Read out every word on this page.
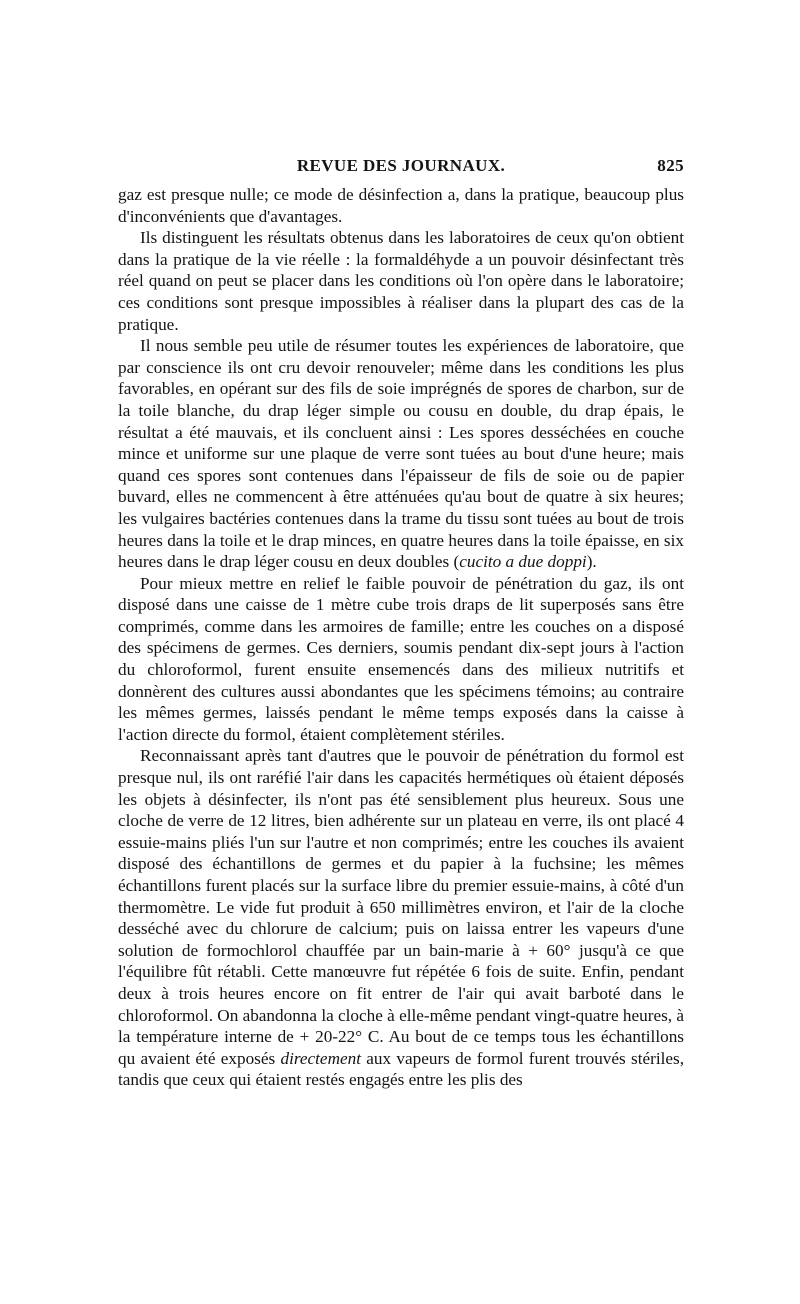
REVUE DES JOURNAUX.	825

gaz est presque nulle; ce mode de désinfection a, dans la pratique, beaucoup plus d'inconvénients que d'avantages.

Ils distinguent les résultats obtenus dans les laboratoires de ceux qu'on obtient dans la pratique de la vie réelle : la formaldéhyde a un pouvoir désinfectant très réel quand on peut se placer dans les conditions où l'on opère dans le laboratoire; ces conditions sont presque impossibles à réaliser dans la plupart des cas de la pratique.

Il nous semble peu utile de résumer toutes les expériences de laboratoire, que par conscience ils ont cru devoir renouveler; même dans les conditions les plus favorables, en opérant sur des fils de soie imprégnés de spores de charbon, sur de la toile blanche, du drap léger simple ou cousu en double, du drap épais, le résultat a été mauvais, et ils concluent ainsi : Les spores desséchées en couche mince et uniforme sur une plaque de verre sont tuées au bout d'une heure; mais quand ces spores sont contenues dans l'épaisseur de fils de soie ou de papier buvard, elles ne commencent à être atténuées qu'au bout de quatre à six heures; les vulgaires bactéries contenues dans la trame du tissu sont tuées au bout de trois heures dans la toile et le drap minces, en quatre heures dans la toile épaisse, en six heures dans le drap léger cousu en deux doubles (cucito a due doppi).

Pour mieux mettre en relief le faible pouvoir de pénétration du gaz, ils ont disposé dans une caisse de 1 mètre cube trois draps de lit superposés sans être comprimés, comme dans les armoires de famille; entre les couches on a disposé des spécimens de germes. Ces derniers, soumis pendant dix-sept jours à l'action du chloroformol, furent ensuite ensemencés dans des milieux nutritifs et donnèrent des cultures aussi abondantes que les spécimens témoins; au contraire les mêmes germes, laissés pendant le même temps exposés dans la caisse à l'action directe du formol, étaient complètement stériles.

Reconnaissant après tant d'autres que le pouvoir de pénétration du formol est presque nul, ils ont raréfié l'air dans les capacités hermétiques où étaient déposés les objets à désinfecter, ils n'ont pas été sensiblement plus heureux. Sous une cloche de verre de 12 litres, bien adhérente sur un plateau en verre, ils ont placé 4 essuie-mains pliés l'un sur l'autre et non comprimés; entre les couches ils avaient disposé des échantillons de germes et du papier à la fuchsine; les mêmes échantillons furent placés sur la surface libre du premier essuie-mains, à côté d'un thermomètre. Le vide fut produit à 650 millimètres environ, et l'air de la cloche desséché avec du chlorure de calcium; puis on laissa entrer les vapeurs d'une solution de formochlorol chauffée par un bain-marie à + 60° jusqu'à ce que l'équilibre fût rétabli. Cette manœuvre fut répétée 6 fois de suite. Enfin, pendant deux à trois heures encore on fit entrer de l'air qui avait barboté dans le chloroformol. On abandonna la cloche à elle-même pendant vingt-quatre heures, à la température interne de + 20-22° C. Au bout de ce temps tous les échantillons qu avaient été exposés directement aux vapeurs de formol furent trouvés stériles, tandis que ceux qui étaient restés engagés entre les plis des
